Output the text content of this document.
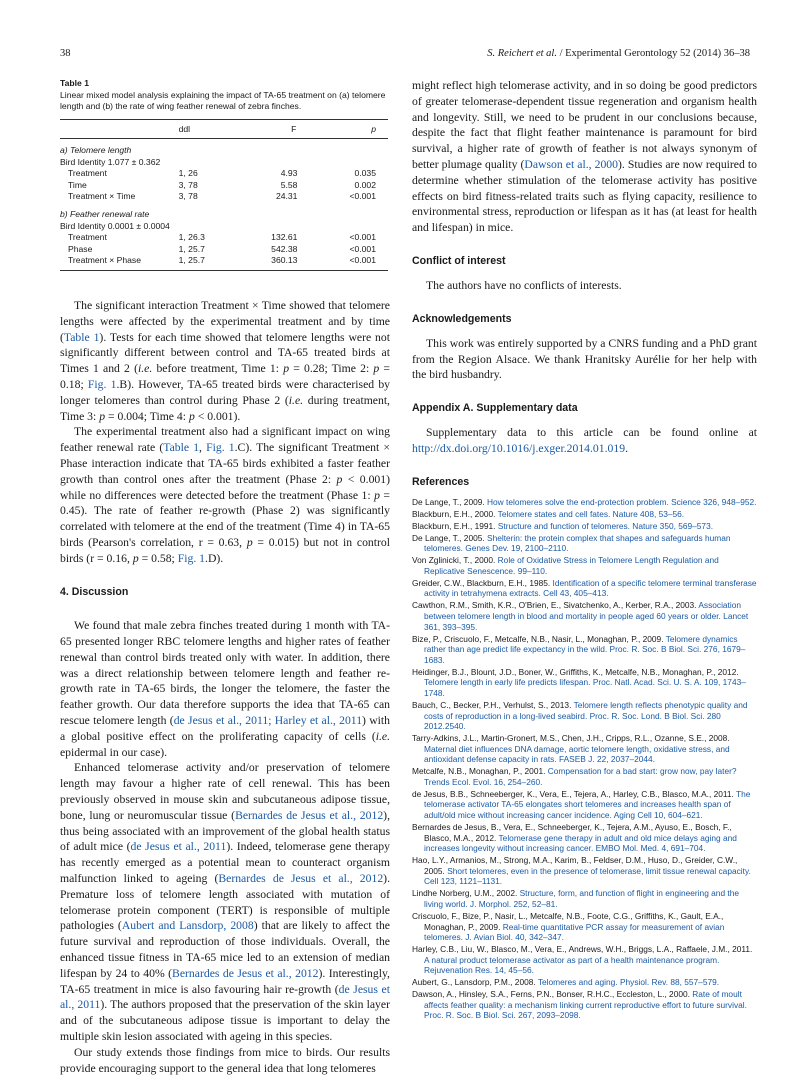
38	S. Reichert et al. / Experimental Gerontology 52 (2014) 36–38
Table 1

Linear mixed model analysis explaining the impact of TA-65 treatment on (a) telomere length and (b) the rate of wing feather renewal of zebra finches.

	ddl	F	p
a) Telomere length			
Bird Identity 1.077 ± 0.362			
Treatment	1, 26	4.93	0.035
Time	3, 78	5.58	0.002
Treatment × Time	3, 78	24.31	<0.001
b) Feather renewal rate			
Bird Identity 0.0001 ± 0.0004			
Treatment	1, 26.3	132.61	<0.001
Phase	1, 25.7	542.38	<0.001
Treatment × Phase	1, 25.7	360.13	<0.001

The significant interaction Treatment × Time showed that telomere lengths were affected by the experimental treatment and by time (Table 1). Tests for each time showed that telomere lengths were not significantly different between control and TA-65 treated birds at Times 1 and 2 (i.e. before treatment, Time 1: p = 0.28; Time 2: p = 0.18; Fig. 1.B). However, TA-65 treated birds were characterised by longer telomeres than control during Phase 2 (i.e. during treatment, Time 3: p = 0.004; Time 4: p < 0.001).

The experimental treatment also had a significant impact on wing feather renewal rate (Table 1, Fig. 1.C). The significant Treatment × Phase interaction indicate that TA-65 birds exhibited a faster feather growth than control ones after the treatment (Phase 2: p < 0.001) while no differences were detected before the treatment (Phase 1: p = 0.45). The rate of feather re-growth (Phase 2) was significantly correlated with telomere at the end of the treatment (Time 4) in TA-65 birds (Pearson's correlation, r = 0.63, p = 0.015) but not in control birds (r = 0.16, p = 0.58; Fig. 1.D).

4. Discussion

We found that male zebra finches treated during 1 month with TA-65 presented longer RBC telomere lengths and higher rates of feather renewal than control birds treated only with water. In addition, there was a direct relationship between telomere length and feather re-growth rate in TA-65 birds, the longer the telomere, the faster the feather growth. Our data therefore supports the idea that TA-65 can rescue telomere length (de Jesus et al., 2011; Harley et al., 2011) with a global positive effect on the proliferating capacity of cells (i.e. epidermal in our case).

Enhanced telomerase activity and/or preservation of telomere length may favour a higher rate of cell renewal. This has been previously observed in mouse skin and subcutaneous adipose tissue, bone, lung or neuromuscular tissue (Bernardes de Jesus et al., 2012), thus being associated with an improvement of the global health status of adult mice (de Jesus et al., 2011). Indeed, telomerase gene therapy has recently emerged as a potential mean to counteract organism malfunction linked to ageing (Bernardes de Jesus et al., 2012). Premature loss of telomere length associated with mutation of telomerase protein component (TERT) is responsible of multiple pathologies (Aubert and Lansdorp, 2008) that are likely to affect the future survival and reproduction of those individuals. Overall, the enhanced tissue fitness in TA-65 mice led to an extension of median lifespan by 24 to 40% (Bernardes de Jesus et al., 2012). Interestingly, TA-65 treatment in mice is also favouring hair re-growth (de Jesus et al., 2011). The authors proposed that the preservation of the skin layer and of the subcutaneous adipose tissue is important to delay the multiple skin lesion associated with ageing in this species.

Our study extends those findings from mice to birds. Our results provide encouraging support to the general idea that long telomeres

might reflect high telomerase activity, and in so doing be good predictors of greater telomerase-dependent tissue regeneration and organism health and longevity. Still, we need to be prudent in our conclusions because, despite the fact that flight feather maintenance is paramount for bird survival, a higher rate of growth of feather is not always synonym of better plumage quality (Dawson et al., 2000). Studies are now required to determine whether stimulation of the telomerase activity has positive effects on bird fitness-related traits such as flying capacity, resilience to environmental stress, reproduction or lifespan as it has (at least for health and lifespan) in mice.

Conflict of interest

The authors have no conflicts of interests.

Acknowledgements

This work was entirely supported by a CNRS funding and a PhD grant from the Region Alsace. We thank Hranitsky Aurélie for her help with the bird husbandry.

Appendix A. Supplementary data

Supplementary data to this article can be found online at http://dx.doi.org/10.1016/j.exger.2014.01.019.

References
De Lange, T., 2009. How telomeres solve the end-protection problem. Science 326, 948–952.
Blackburn, E.H., 2000. Telomere states and cell fates. Nature 408, 53–56.
Blackburn, E.H., 1991. Structure and function of telomeres. Nature 350, 569–573.
De Lange, T., 2005. Shelterin: the protein complex that shapes and safeguards human telomeres. Genes Dev. 19, 2100–2110.
Von Zglinicki, T., 2000. Role of Oxidative Stress in Telomere Length Regulation and Replicative Senescence. 99–110.
Greider, C.W., Blackburn, E.H., 1985. Identification of a specific telomere terminal transferase activity in tetrahymena extracts. Cell 43, 405–413.
Cawthon, R.M., Smith, K.R., O'Brien, E., Sivatchenko, A., Kerber, R.A., 2003. Association between telomere length in blood and mortality in people aged 60 years or older. Lancet 361, 393–395.
Bize, P., Criscuolo, F., Metcalfe, N.B., Nasir, L., Monaghan, P., 2009. Telomere dynamics rather than age predict life expectancy in the wild. Proc. R. Soc. B Biol. Sci. 276, 1679–1683.
Heidinger, B.J., Blount, J.D., Boner, W., Griffiths, K., Metcalfe, N.B., Monaghan, P., 2012. Telomere length in early life predicts lifespan. Proc. Natl. Acad. Sci. U. S. A. 109, 1743–1748.
Bauch, C., Becker, P.H., Verhulst, S., 2013. Telomere length reflects phenotypic quality and costs of reproduction in a long-lived seabird. Proc. R. Soc. Lond. B Biol. Sci. 280 2012.2540.
Tarry-Adkins, J.L., Martin-Gronert, M.S., Chen, J.H., Cripps, R.L., Ozanne, S.E., 2008. Maternal diet influences DNA damage, aortic telomere length, oxidative stress, and antioxidant defense capacity in rats. FASEB J. 22, 2037–2044.
Metcalfe, N.B., Monaghan, P., 2001. Compensation for a bad start: grow now, pay later? Trends Ecol. Evol. 16, 254–260.
de Jesus, B.B., Schneeberger, K., Vera, E., Tejera, A., Harley, C.B., Blasco, M.A., 2011. The telomerase activator TA-65 elongates short telomeres and increases health span of adult/old mice without increasing cancer incidence. Aging Cell 10, 604–621.
Bernardes de Jesus, B., Vera, E., Schneeberger, K., Tejera, A.M., Ayuso, E., Bosch, F., Blasco, M.A., 2012. Telomerase gene therapy in adult and old mice delays aging and increases longevity without increasing cancer. EMBO Mol. Med. 4, 691–704.
Hao, L.Y., Armanios, M., Strong, M.A., Karim, B., Feldser, D.M., Huso, D., Greider, C.W., 2005. Short telomeres, even in the presence of telomerase, limit tissue renewal capacity. Cell 123, 1121–1131.
Lindhe Norberg, U.M., 2002. Structure, form, and function of flight in engineering and the living world. J. Morphol. 252, 52–81.
Criscuolo, F., Bize, P., Nasir, L., Metcalfe, N.B., Foote, C.G., Griffiths, K., Gault, E.A., Monaghan, P., 2009. Real-time quantitative PCR assay for measurement of avian telomeres. J. Avian Biol. 40, 342–347.
Harley, C.B., Liu, W., Blasco, M., Vera, E., Andrews, W.H., Briggs, L.A., Raffaele, J.M., 2011. A natural product telomerase activator as part of a health maintenance program. Rejuvenation Res. 14, 45–56.
Aubert, G., Lansdorp, P.M., 2008. Telomeres and aging. Physiol. Rev. 88, 557–579.
Dawson, A., Hinsley, S.A., Ferns, P.N., Bonser, R.H.C., Eccleston, L., 2000. Rate of moult affects feather quality: a mechanism linking current reproductive effort to future survival. Proc. R. Soc. B Biol. Sci. 267, 2093–2098.
